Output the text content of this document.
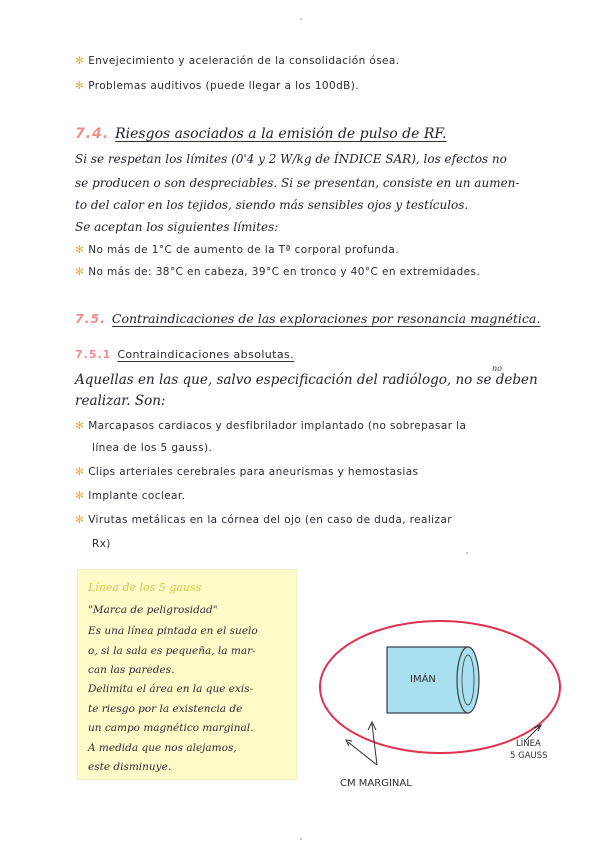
✻ Envejecimiento y aceleración de la consolidación ósea.
✻ Problemas auditivos (puede llegar a los 100dB).
7.4. Riesgos asociados a la emisión de pulso de RF.
Si se respetan los límites (0'4 y 2 W/kg de ÍNDICE SAR), los efectos no
se producen o son despreciables. Si se presentan, consiste en un aumen-
to del calor en los tejidos, siendo más sensibles ojos y testículos.
Se aceptan los siguientes límites:
✻ No más de 1°C de aumento de la Tª corporal profunda.
✻ No más de: 38°C en cabeza, 39°C en tronco y 40°C en extremidades.
7.5. Contraindicaciones de las exploraciones por resonancia magnética.
7.5.1 Contraindicaciones absolutas.
Aquellas en las que, salvo especificación del radiólogo, no se deben
no
realizar. Son:
✻ Marcapasos cardiacos y desfibrilador implantado (no sobrepasar la
línea de los 5 gauss).
✻ Clips arteriales cerebrales para aneurismas y hemostasias
✻ Implante coclear.
✻ Virutas metálicas en la córnea del ojo (en caso de duda, realizar
Rx)
Línea de los 5 gauss
"Marca de peligrosidad"
Es una línea pintada en el suelo
o, si la sala es pequeña, la mar-
can las paredes.
Delimita el área en la que exis-
te riesgo por la existencia de
un campo magnético marginal.
A medida que nos alejamos,
este disminuye.
IMÁN
LÍNEA
5 GAUSS
CM MARGINAL
